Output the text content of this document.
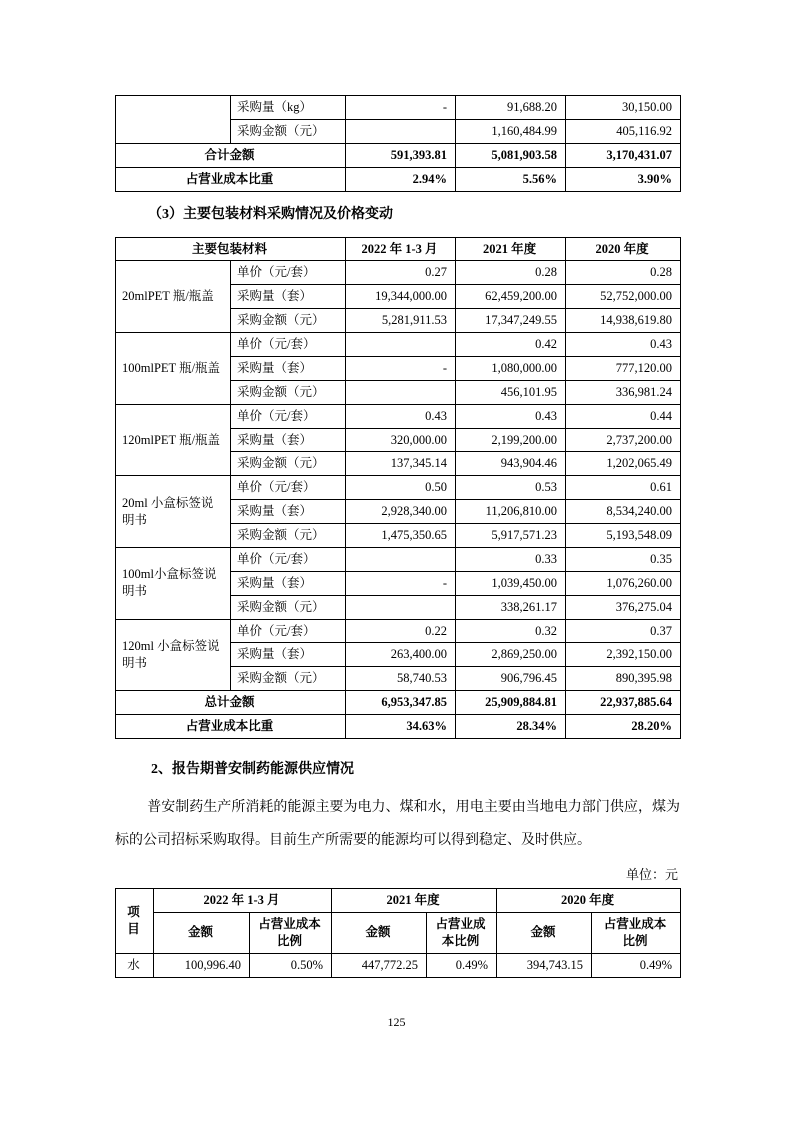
	采购量（kg）	-	91,688.20	30,150.00
	采购金额（元）		1,160,484.99	405,116.92
合计金额		591,393.81	5,081,903.58	3,170,431.07
占营业成本比重		2.94%	5.56%	3.90%
（3）主要包装材料采购情况及价格变动
主要包装材料		2022 年 1-3 月	2021 年度	2020 年度
20mlPET 瓶/瓶盖	单价（元/套）	0.27	0.28	0.28
	采购量（套）	19,344,000.00	62,459,200.00	52,752,000.00
	采购金额（元）	5,281,911.53	17,347,249.55	14,938,619.80
100mlPET 瓶/瓶盖	单价（元/套）		0.42	0.43
	采购量（套）	-	1,080,000.00	777,120.00
	采购金额（元）		456,101.95	336,981.24
120mlPET 瓶/瓶盖	单价（元/套）	0.43	0.43	0.44
	采购量（套）	320,000.00	2,199,200.00	2,737,200.00
	采购金额（元）	137,345.14	943,904.46	1,202,065.49
20ml 小盒标签说明书	单价（元/套）	0.50	0.53	0.61
	采购量（套）	2,928,340.00	11,206,810.00	8,534,240.00
	采购金额（元）	1,475,350.65	5,917,571.23	5,193,548.09
100ml小盒标签说明书	单价（元/套）		0.33	0.35
	采购量（套）	-	1,039,450.00	1,076,260.00
	采购金额（元）		338,261.17	376,275.04
120ml 小盒标签说明书	单价（元/套）	0.22	0.32	0.37
	采购量（套）	263,400.00	2,869,250.00	2,392,150.00
	采购金额（元）	58,740.53	906,796.45	890,395.98
总计金额		6,953,347.85	25,909,884.81	22,937,885.64
占营业成本比重		34.63%	28.34%	28.20%
2、报告期普安制药能源供应情况
普安制药生产所消耗的能源主要为电力、煤和水，用电主要由当地电力部门供应，煤为标的公司招标采购取得。目前生产所需要的能源均可以得到稳定、及时供应。
单位：元
项目	2022 年 1-3 月		2021 年度		2020 年度	
	金额	占营业成本比例	金额	占营业成本比例	金额	占营业成本比例
水	100,996.40	0.50%	447,772.25	0.49%	394,743.15	0.49%
125
